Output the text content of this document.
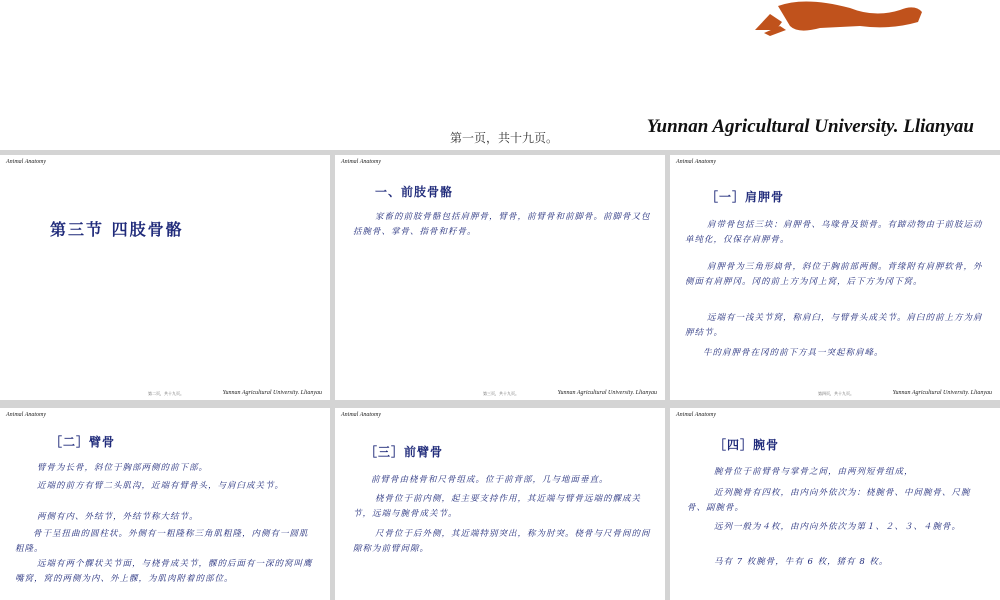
第一页，共十九页。
Yunnan Agricultural University. Llianyau
Animal Anatomy
第三节 四肢骨骼
第二页，共十九页。	Yunnan Agricultural University. Llianyau
Animal Anatomy
一、前肢骨骼
家畜的前肢骨骼包括肩胛骨，臂骨，前臂骨和前脚骨。前脚骨又包括腕骨、掌骨、指骨和籽骨。
第三页，共十九页。	Yunnan Agricultural University. Llianyau
Animal Anatomy
［一］肩胛骨
肩带骨包括三块：肩胛骨、乌喙骨及锁骨。有蹄动物由于前肢运动单纯化，仅保存肩胛骨。
肩胛骨为三角形扁骨，斜位于胸前部两侧。背缘附有肩胛软骨，外侧面有肩胛冈。冈的前上方为冈上窝，后下方为冈下窝。
远端有一浅关节窝，称肩臼，与臂骨头成关节。肩臼的前上方为肩胛结节。
牛的肩胛骨在冈的前下方具一突起称肩峰。
第四页，共十九页。	Yunnan Agricultural University. Llianyau
Animal Anatomy
［二］臂骨
臂骨为长骨，斜位于胸部两侧的前下部。
近端的前方有臂二头肌沟，近端有臂骨头，与肩臼成关节。
两侧有内、外结节，外结节称大结节。
骨干呈扭曲的圆柱状。外侧有一粗隆称三角肌粗隆，内侧有一圆肌粗隆。
远端有两个髁状关节面，与桡骨成关节，髁的后面有一深的窝叫鹰嘴窝，窝的两侧为内、外上髁，为肌肉附着的部位。
Animal Anatomy
［三］前臂骨
前臂骨由桡骨和尺骨组成。位于前背部，几与地面垂直。
桡骨位于前内侧，起主要支持作用，其近端与臂骨远端的髁成关节，远端与腕骨成关节。
尺骨位于后外侧，其近端特别突出，称为肘突。桡骨与尺骨间的间隙称为前臂间隙。
Animal Anatomy
［四］腕骨
腕骨位于前臂骨与掌骨之间，由两列短骨组成，
近列腕骨有四枚，由内向外依次为：桡腕骨、中间腕骨、尺腕骨、副腕骨。
远列一般为４枚，由内向外依次为第１、２、３、４腕骨。
马有 7 枚腕骨，牛有 6 枚，猪有 8 枚。
